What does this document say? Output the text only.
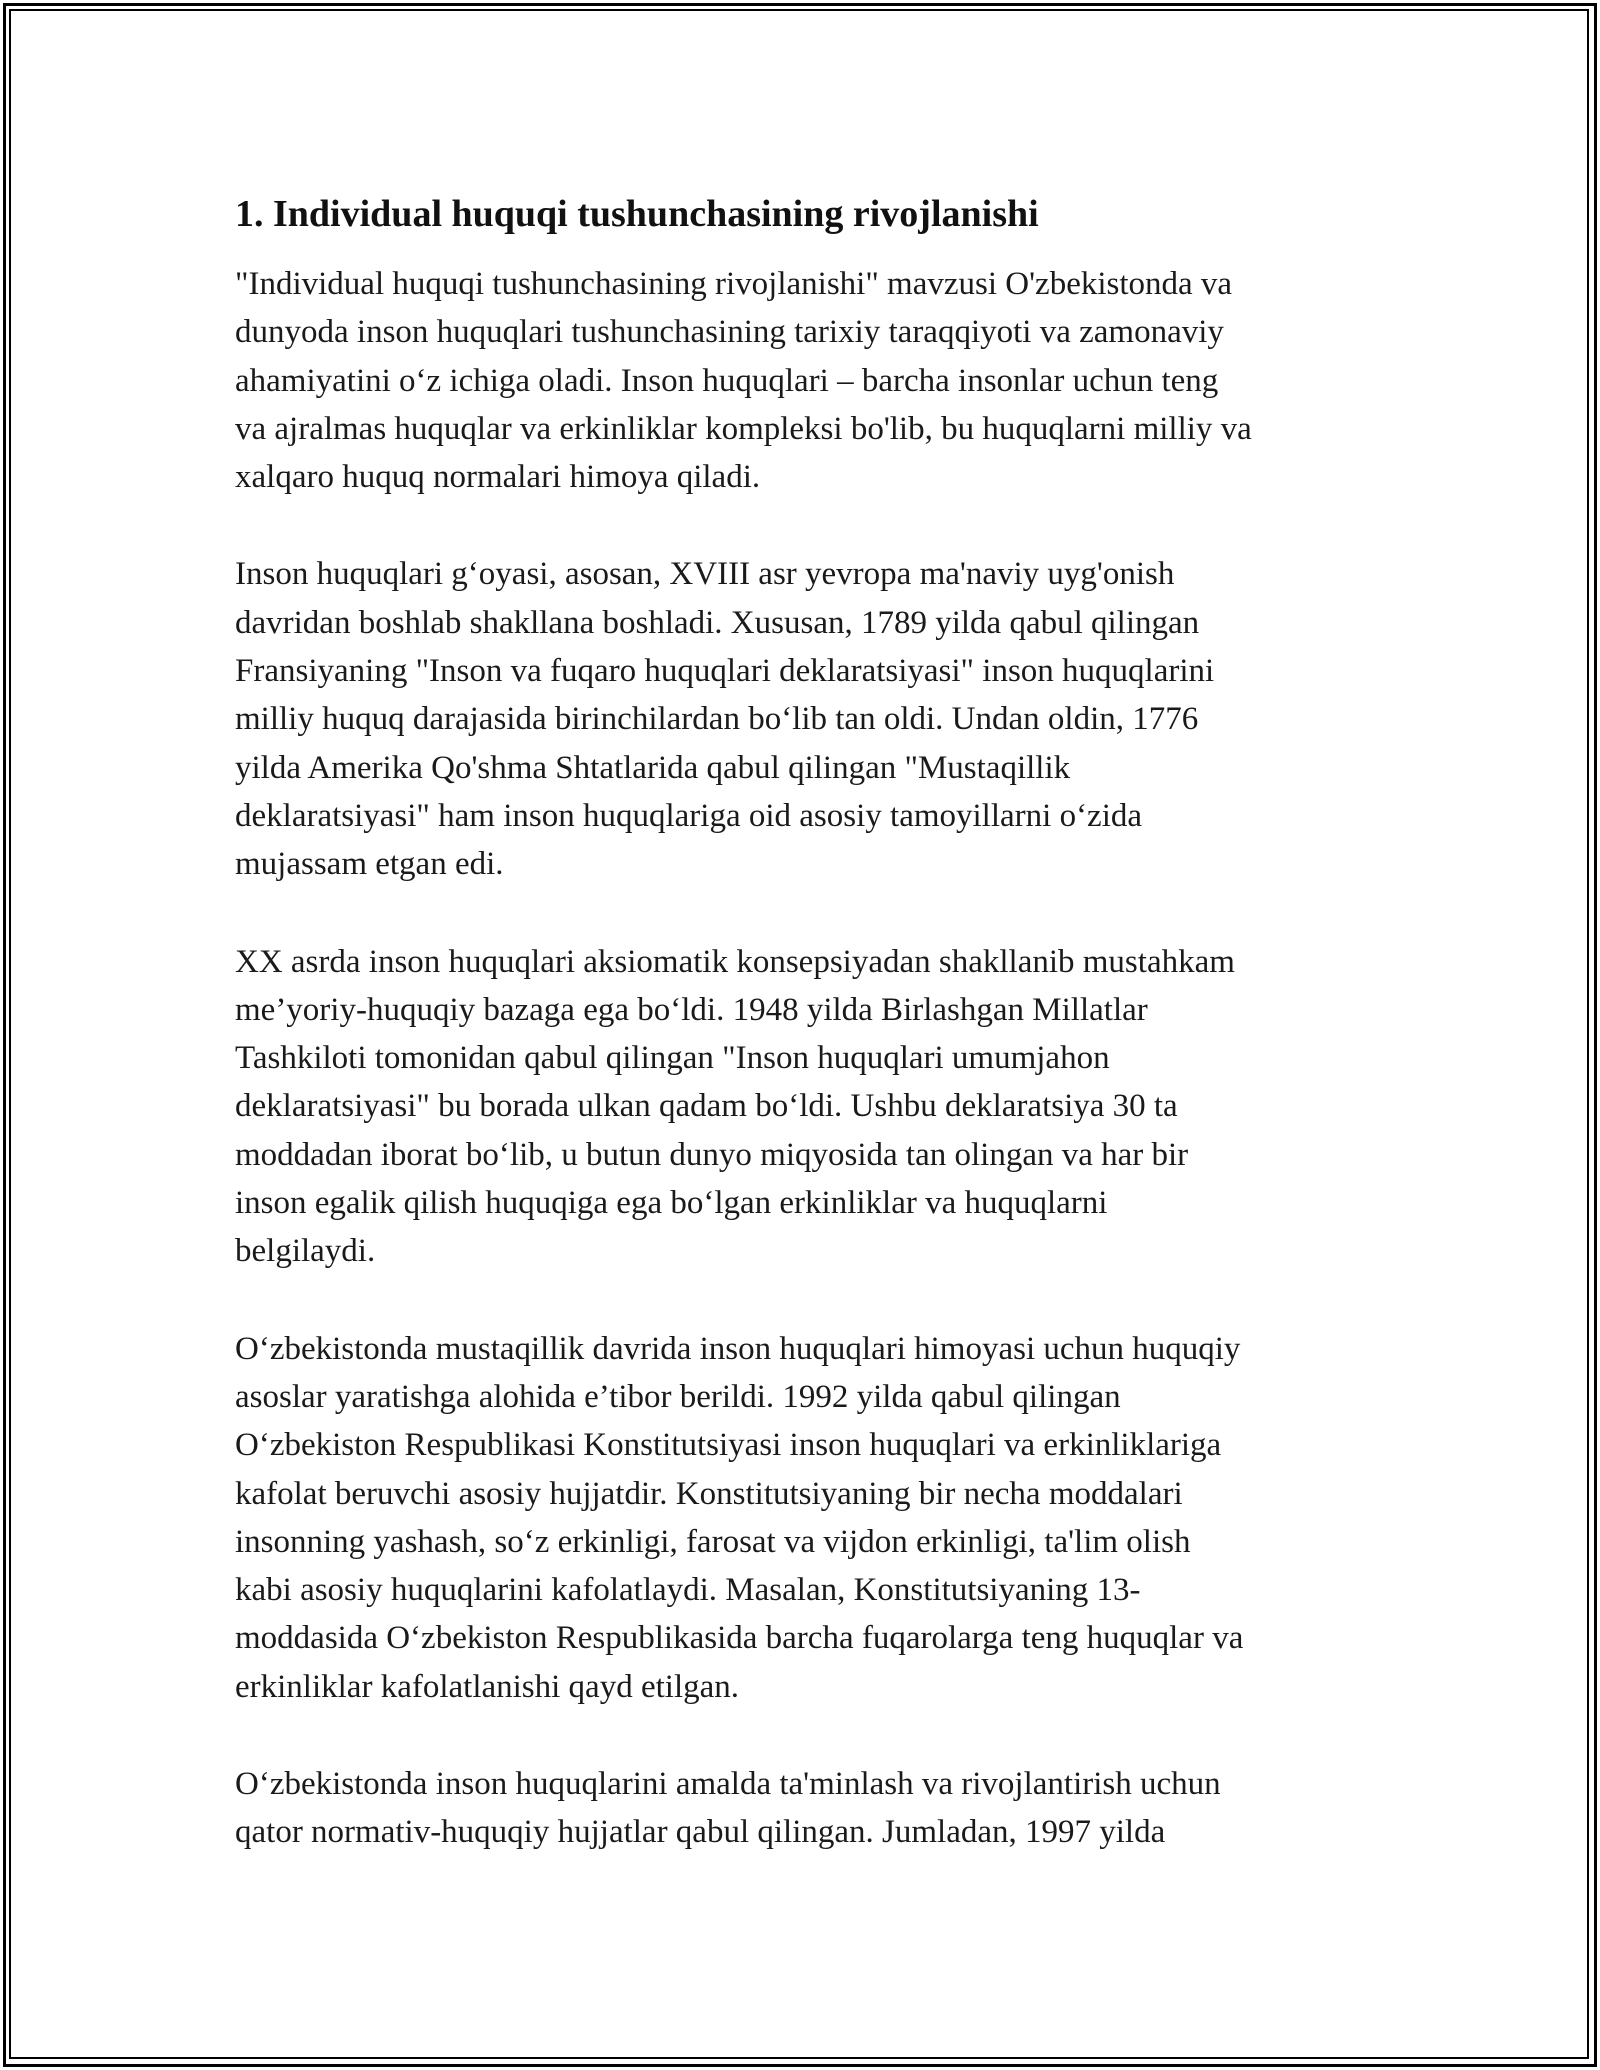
1. Individual huquqi tushunchasining rivojlanishi

"Individual huquqi tushunchasining rivojlanishi" mavzusi O'zbekistonda va
dunyoda inson huquqlari tushunchasining tarixiy taraqqiyoti va zamonaviy
ahamiyatini oʻz ichiga oladi. Inson huquqlari – barcha insonlar uchun teng
va ajralmas huquqlar va erkinliklar kompleksi bo'lib, bu huquqlarni milliy va
xalqaro huquq normalari himoya qiladi.

Inson huquqlari gʻoyasi, asosan, XVIII asr yevropa ma'naviy uyg'onish
davridan boshlab shakllana boshladi. Xususan, 1789 yilda qabul qilingan
Fransiyaning "Inson va fuqaro huquqlari deklaratsiyasi" inson huquqlarini
milliy huquq darajasida birinchilardan boʻlib tan oldi. Undan oldin, 1776
yilda Amerika Qo'shma Shtatlarida qabul qilingan "Mustaqillik
deklaratsiyasi" ham inson huquqlariga oid asosiy tamoyillarni oʻzida
mujassam etgan edi.

XX asrda inson huquqlari aksiomatik konsepsiyadan shakllanib mustahkam
me’yoriy-huquqiy bazaga ega boʻldi. 1948 yilda Birlashgan Millatlar
Tashkiloti tomonidan qabul qilingan "Inson huquqlari umumjahon
deklaratsiyasi" bu borada ulkan qadam boʻldi. Ushbu deklaratsiya 30 ta
moddadan iborat boʻlib, u butun dunyo miqyosida tan olingan va har bir
inson egalik qilish huquqiga ega boʻlgan erkinliklar va huquqlarni
belgilaydi.

Oʻzbekistonda mustaqillik davrida inson huquqlari himoyasi uchun huquqiy
asoslar yaratishga alohida e’tibor berildi. 1992 yilda qabul qilingan
Oʻzbekiston Respublikasi Konstitutsiyasi inson huquqlari va erkinliklariga
kafolat beruvchi asosiy hujjatdir. Konstitutsiyaning bir necha moddalari
insonning yashash, soʻz erkinligi, farosat va vijdon erkinligi, ta'lim olish
kabi asosiy huquqlarini kafolatlaydi. Masalan, Konstitutsiyaning 13-
moddasida Oʻzbekiston Respublikasida barcha fuqarolarga teng huquqlar va
erkinliklar kafolatlanishi qayd etilgan.

Oʻzbekistonda inson huquqlarini amalda ta'minlash va rivojlantirish uchun
qator normativ-huquqiy hujjatlar qabul qilingan. Jumladan, 1997 yilda
